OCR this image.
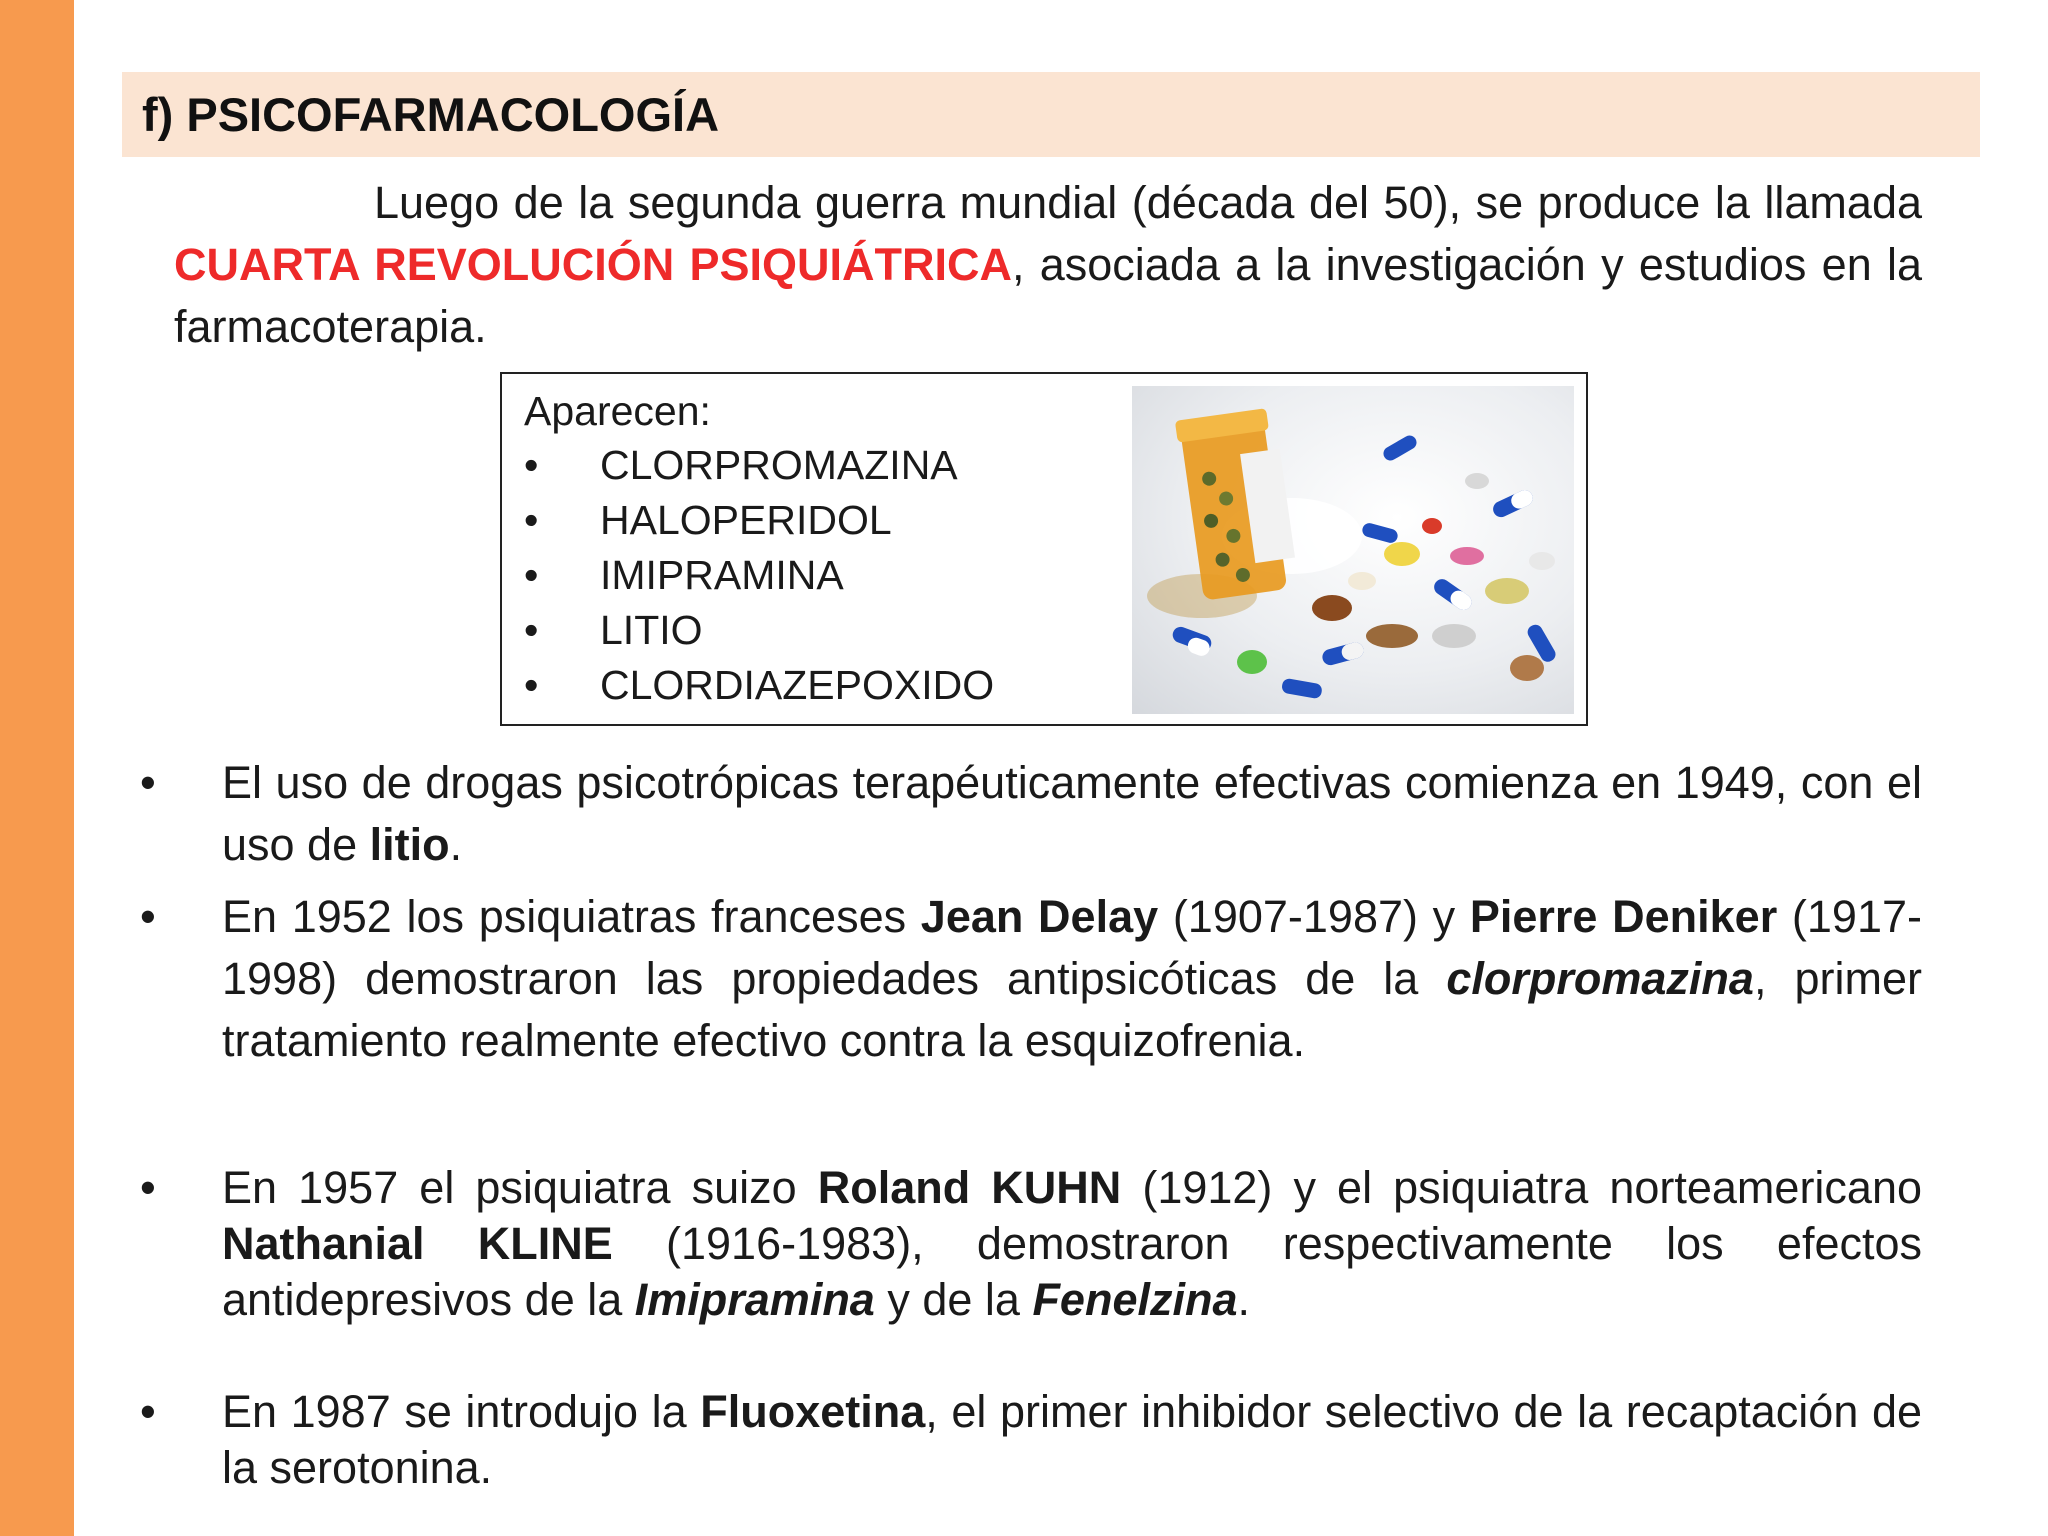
f) PSICOFARMACOLOGÍA
Luego de la segunda guerra mundial (década del 50), se produce la llamada CUARTA REVOLUCIÓN PSIQUIÁTRICA, asociada a la investigación y estudios en la farmacoterapia.
Aparecen:
• CLORPROMAZINA
• HALOPERIDOL
• IMIPRAMINA
• LITIO
• CLORDIAZEPOXIDO
•	El uso de drogas psicotrópicas terapéuticamente efectivas comienza en 1949, con el uso de litio.
•	En 1952 los psiquiatras franceses Jean Delay (1907-1987) y Pierre Deniker (1917-1998) demostraron las propiedades antipsicóticas de la clorpromazina, primer tratamiento realmente efectivo contra la esquizofrenia.
•	En 1957 el psiquiatra suizo Roland KUHN (1912) y el psiquiatra norteamericano Nathanial KLINE (1916-1983), demostraron respectivamente los efectos antidepresivos de la Imipramina y de la Fenelzina.
•	En 1987 se introdujo la Fluoxetina, el primer inhibidor selectivo de la recaptación de la serotonina.
